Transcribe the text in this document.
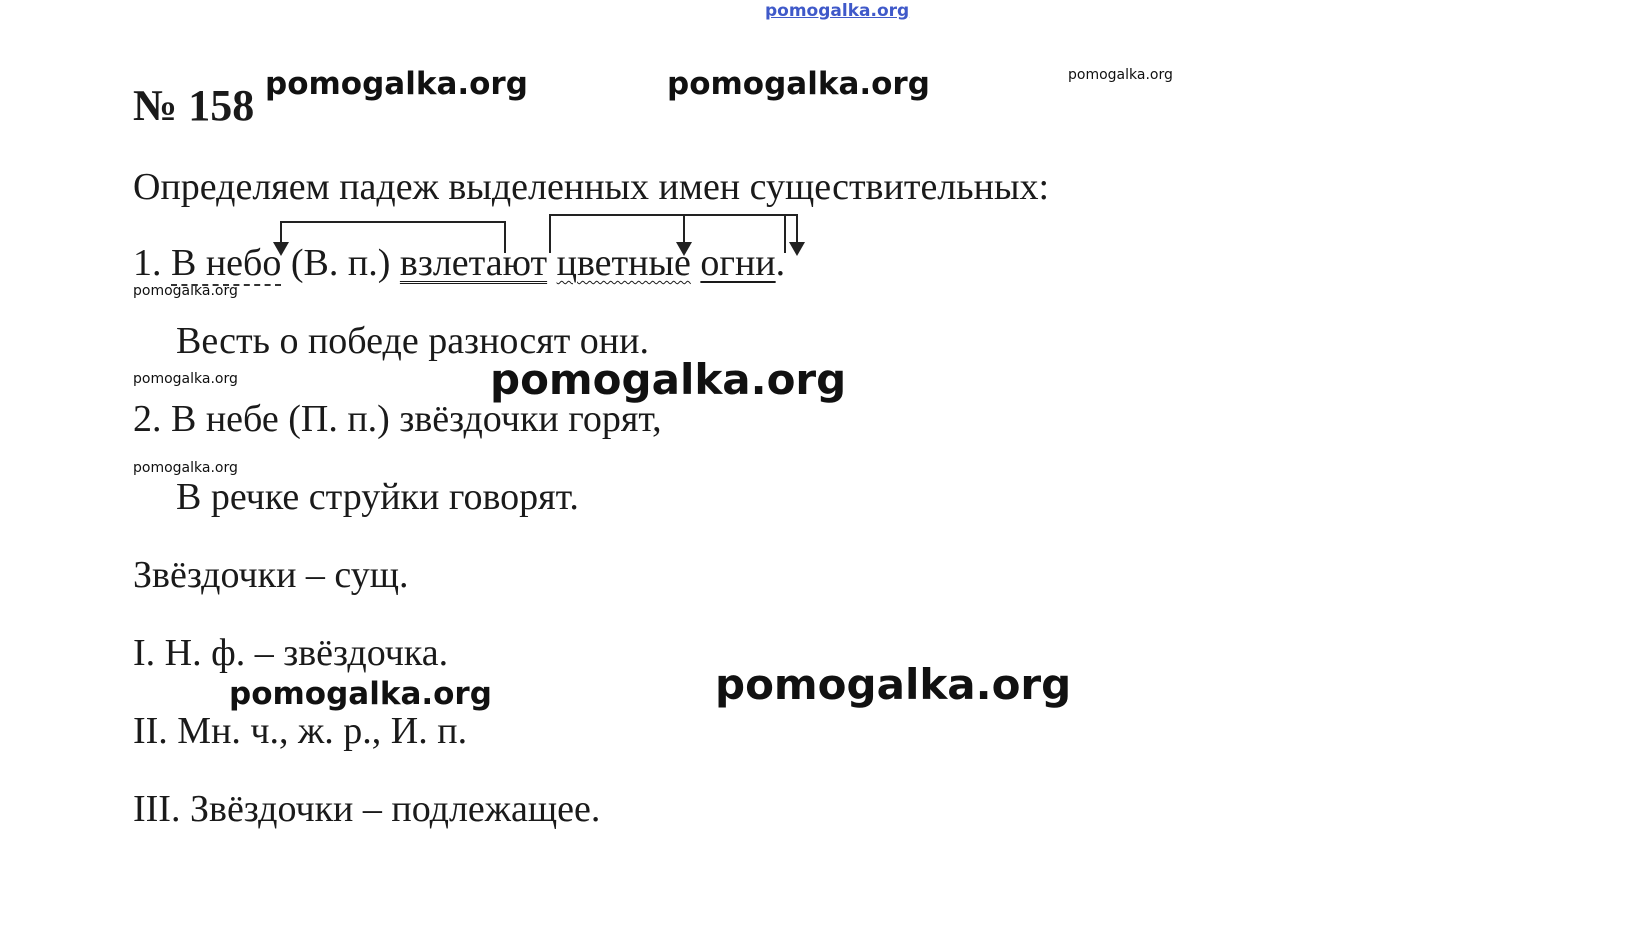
pomogalka.org
pomogalka.org	pomogalka.org	pomogalka.org
pomogalka.org
pomogalka.org
pomogalka.org
pomogalka.org
pomogalka.org	pomogalka.org
№ 158
Определяем падеж выделенных имен существительных:
1. В небо (В. п.) взлетают цветные огни.
Весть о победе разносят они.
2. В небе (П. п.) звёздочки горят,
В речке струйки говорят.
Звёздочки – сущ.
I. Н. ф. – звёздочка.
II. Мн. ч., ж. р., И. п.
III. Звёздочки – подлежащее.
